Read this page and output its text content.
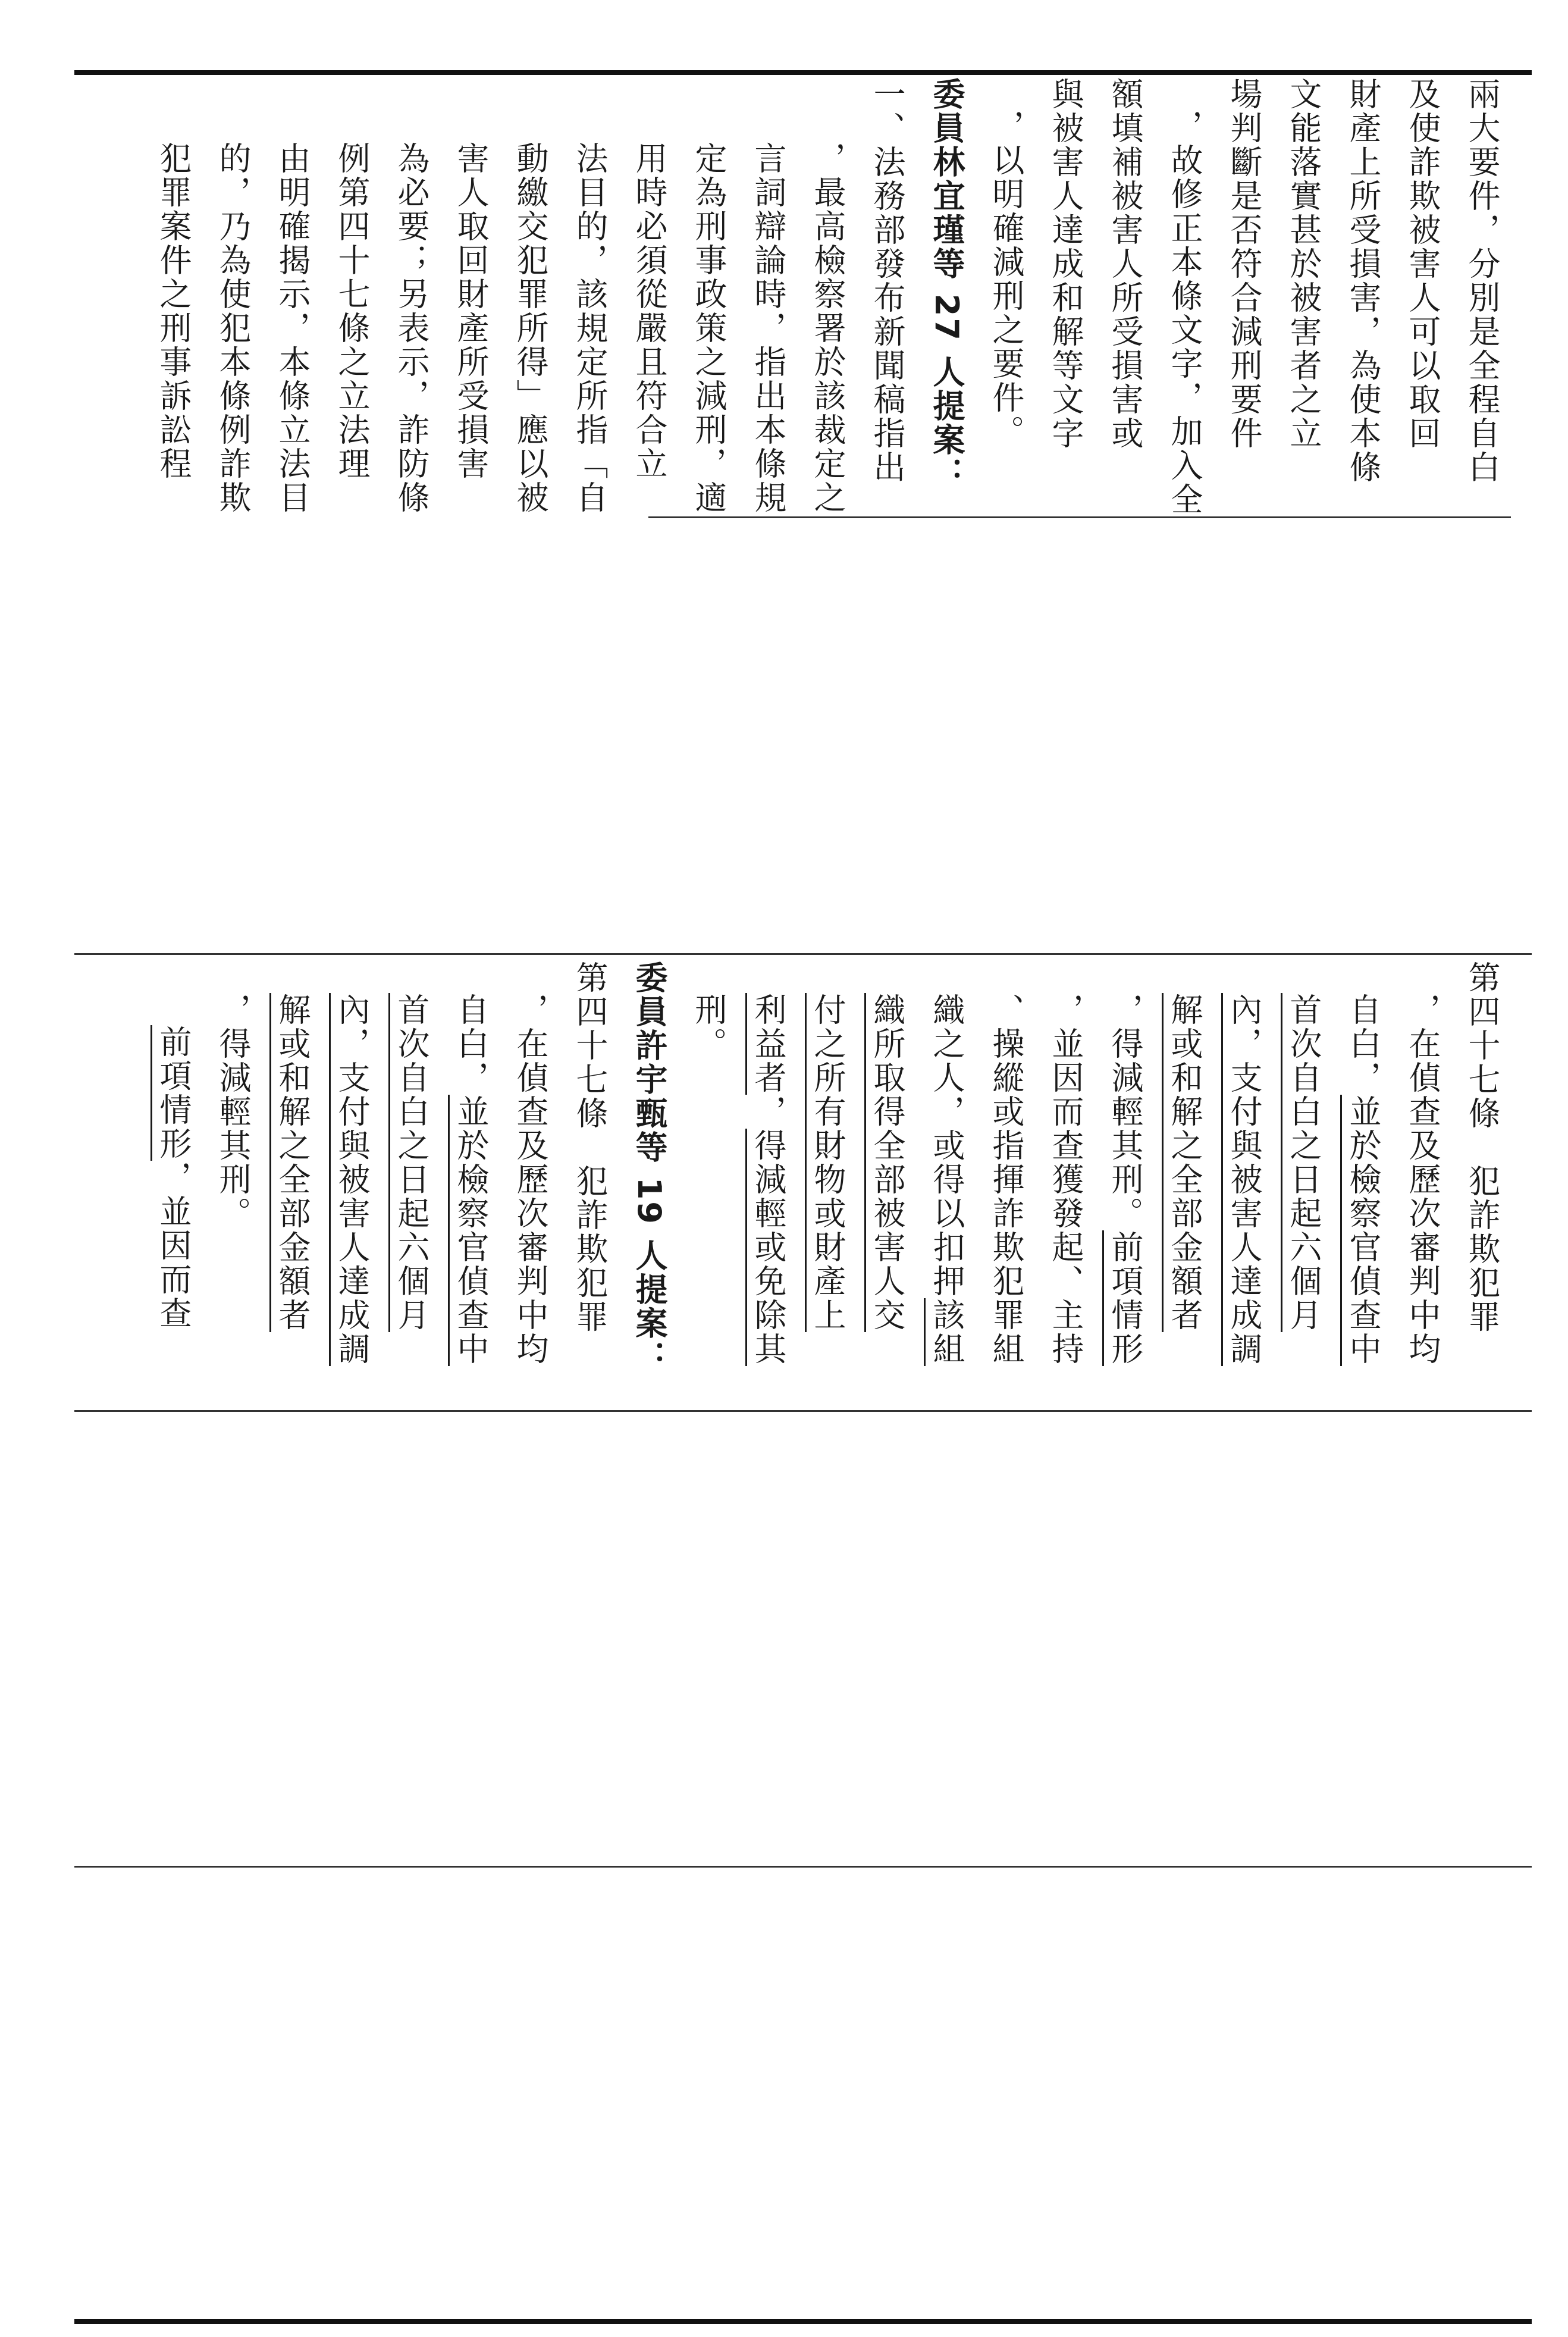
兩大要件，分別是全程自白
及使詐欺被害人可以取回
財產上所受損害，為使本條
文能落實甚於被害者之立
場判斷是否符合減刑要件
，故修正本條文字，加入全
額填補被害人所受損害或
與被害人達成和解等文字
，以明確減刑之要件。
委員林宜瑾等 27 人提案：
一、法務部發布新聞稿指出
，最高檢察署於該裁定之
言詞辯論時，指出本條規
定為刑事政策之減刑，適
用時必須從嚴且符合立
法目的，該規定所指「自
動繳交犯罪所得」應以被
害人取回財產所受損害
為必要；另表示，詐防條
例第四十七條之立法理
由明確揭示，本條立法目
的，乃為使犯本條例詐欺
犯罪案件之刑事訴訟程
第四十七條　犯詐欺犯罪
，在偵查及歷次審判中均
自白，並於檢察官偵查中
首次自白之日起六個月
內，支付與被害人達成調
解或和解之全部金額者
，得減輕其刑。前項情形
，並因而查獲發起、主持
、操縱或指揮詐欺犯罪組
織之人，或得以扣押該組
織所取得全部被害人交
付之所有財物或財產上
利益者，得減輕或免除其
刑。
委員許宇甄等 19 人提案：
第四十七條　犯詐欺犯罪
，在偵查及歷次審判中均
自白，並於檢察官偵查中
首次自白之日起六個月
內，支付與被害人達成調
解或和解之全部金額者
，得減輕其刑。
前項情形，並因而查
